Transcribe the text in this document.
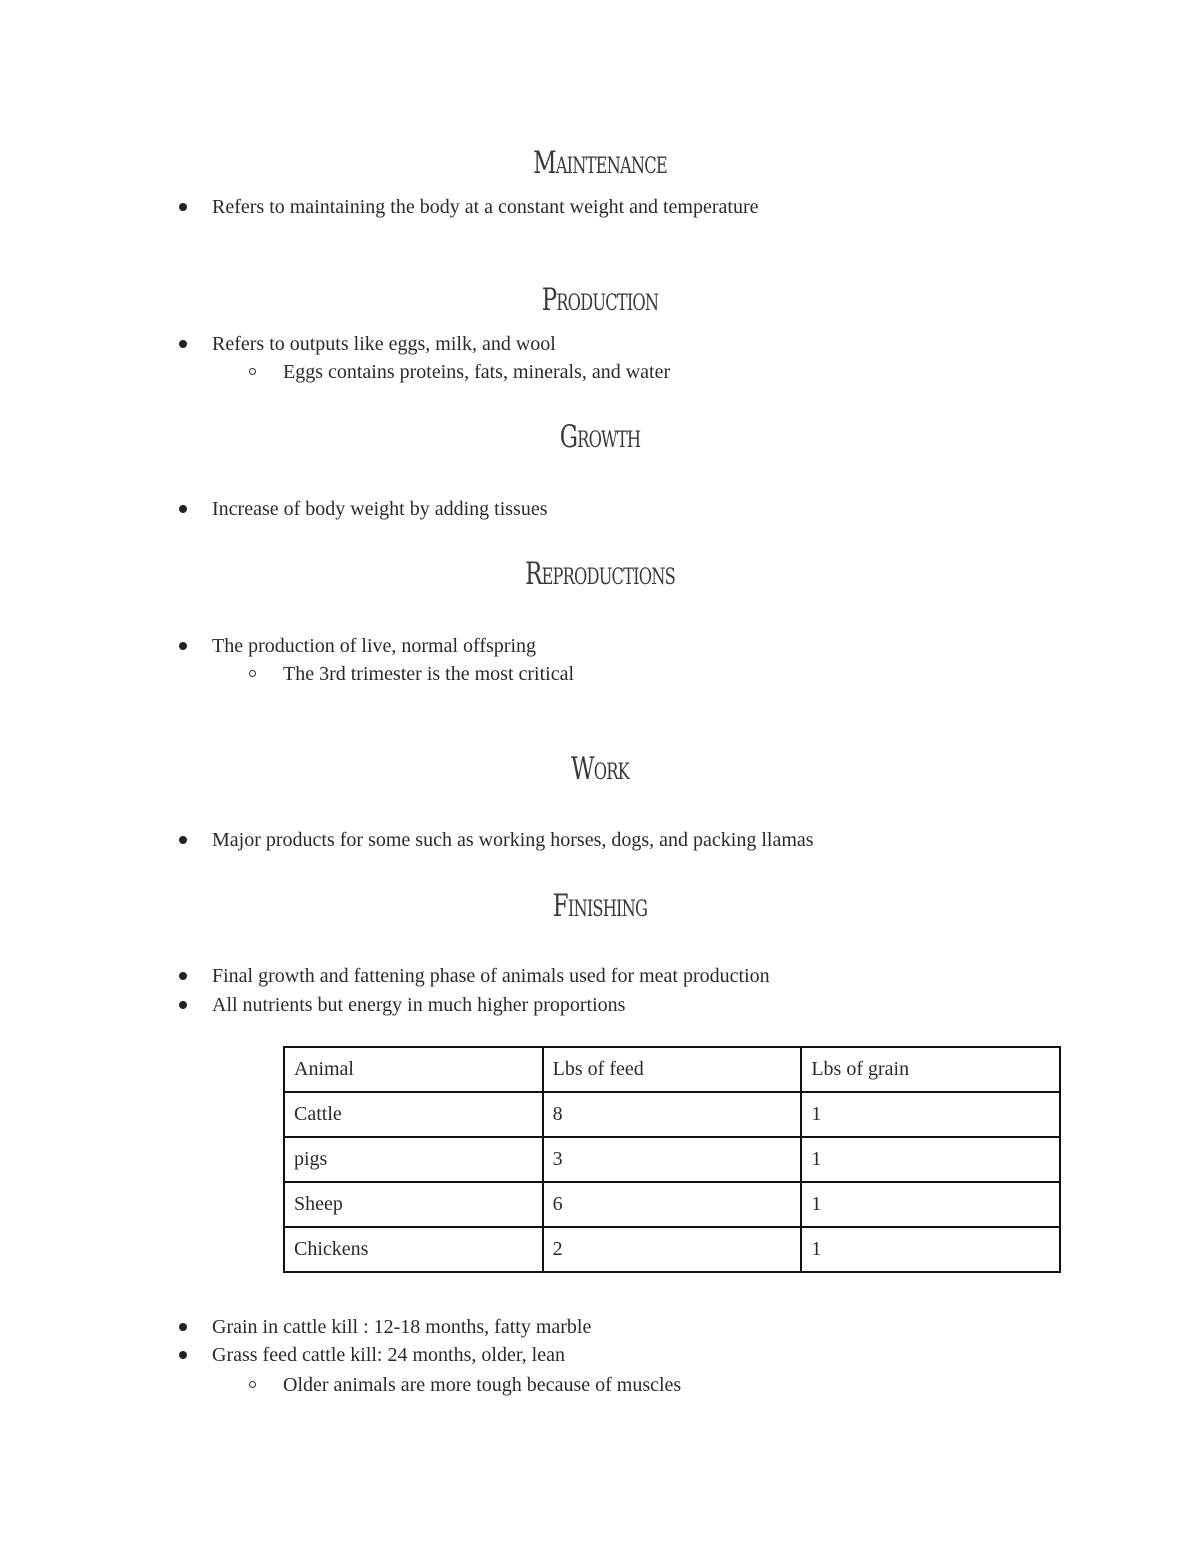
Maintenance
Refers to maintaining the body at a constant weight and temperature
Production
Refers to outputs like eggs, milk, and wool
Eggs contains proteins, fats, minerals, and water
Growth
Increase of body weight by adding tissues
Reproductions
The production of live, normal offspring
The 3rd trimester is the most critical
Work
Major products for some such as working horses, dogs, and packing llamas
Finishing
Final growth and fattening phase of animals used for meat production
All nutrients but energy in much higher proportions
Animal	Lbs of feed	Lbs of grain
Cattle	8	1
pigs	3	1
Sheep	6	1
Chickens	2	1
Grain in cattle kill : 12-18 months, fatty marble
Grass feed cattle kill: 24 months, older, lean
Older animals are more tough because of muscles
